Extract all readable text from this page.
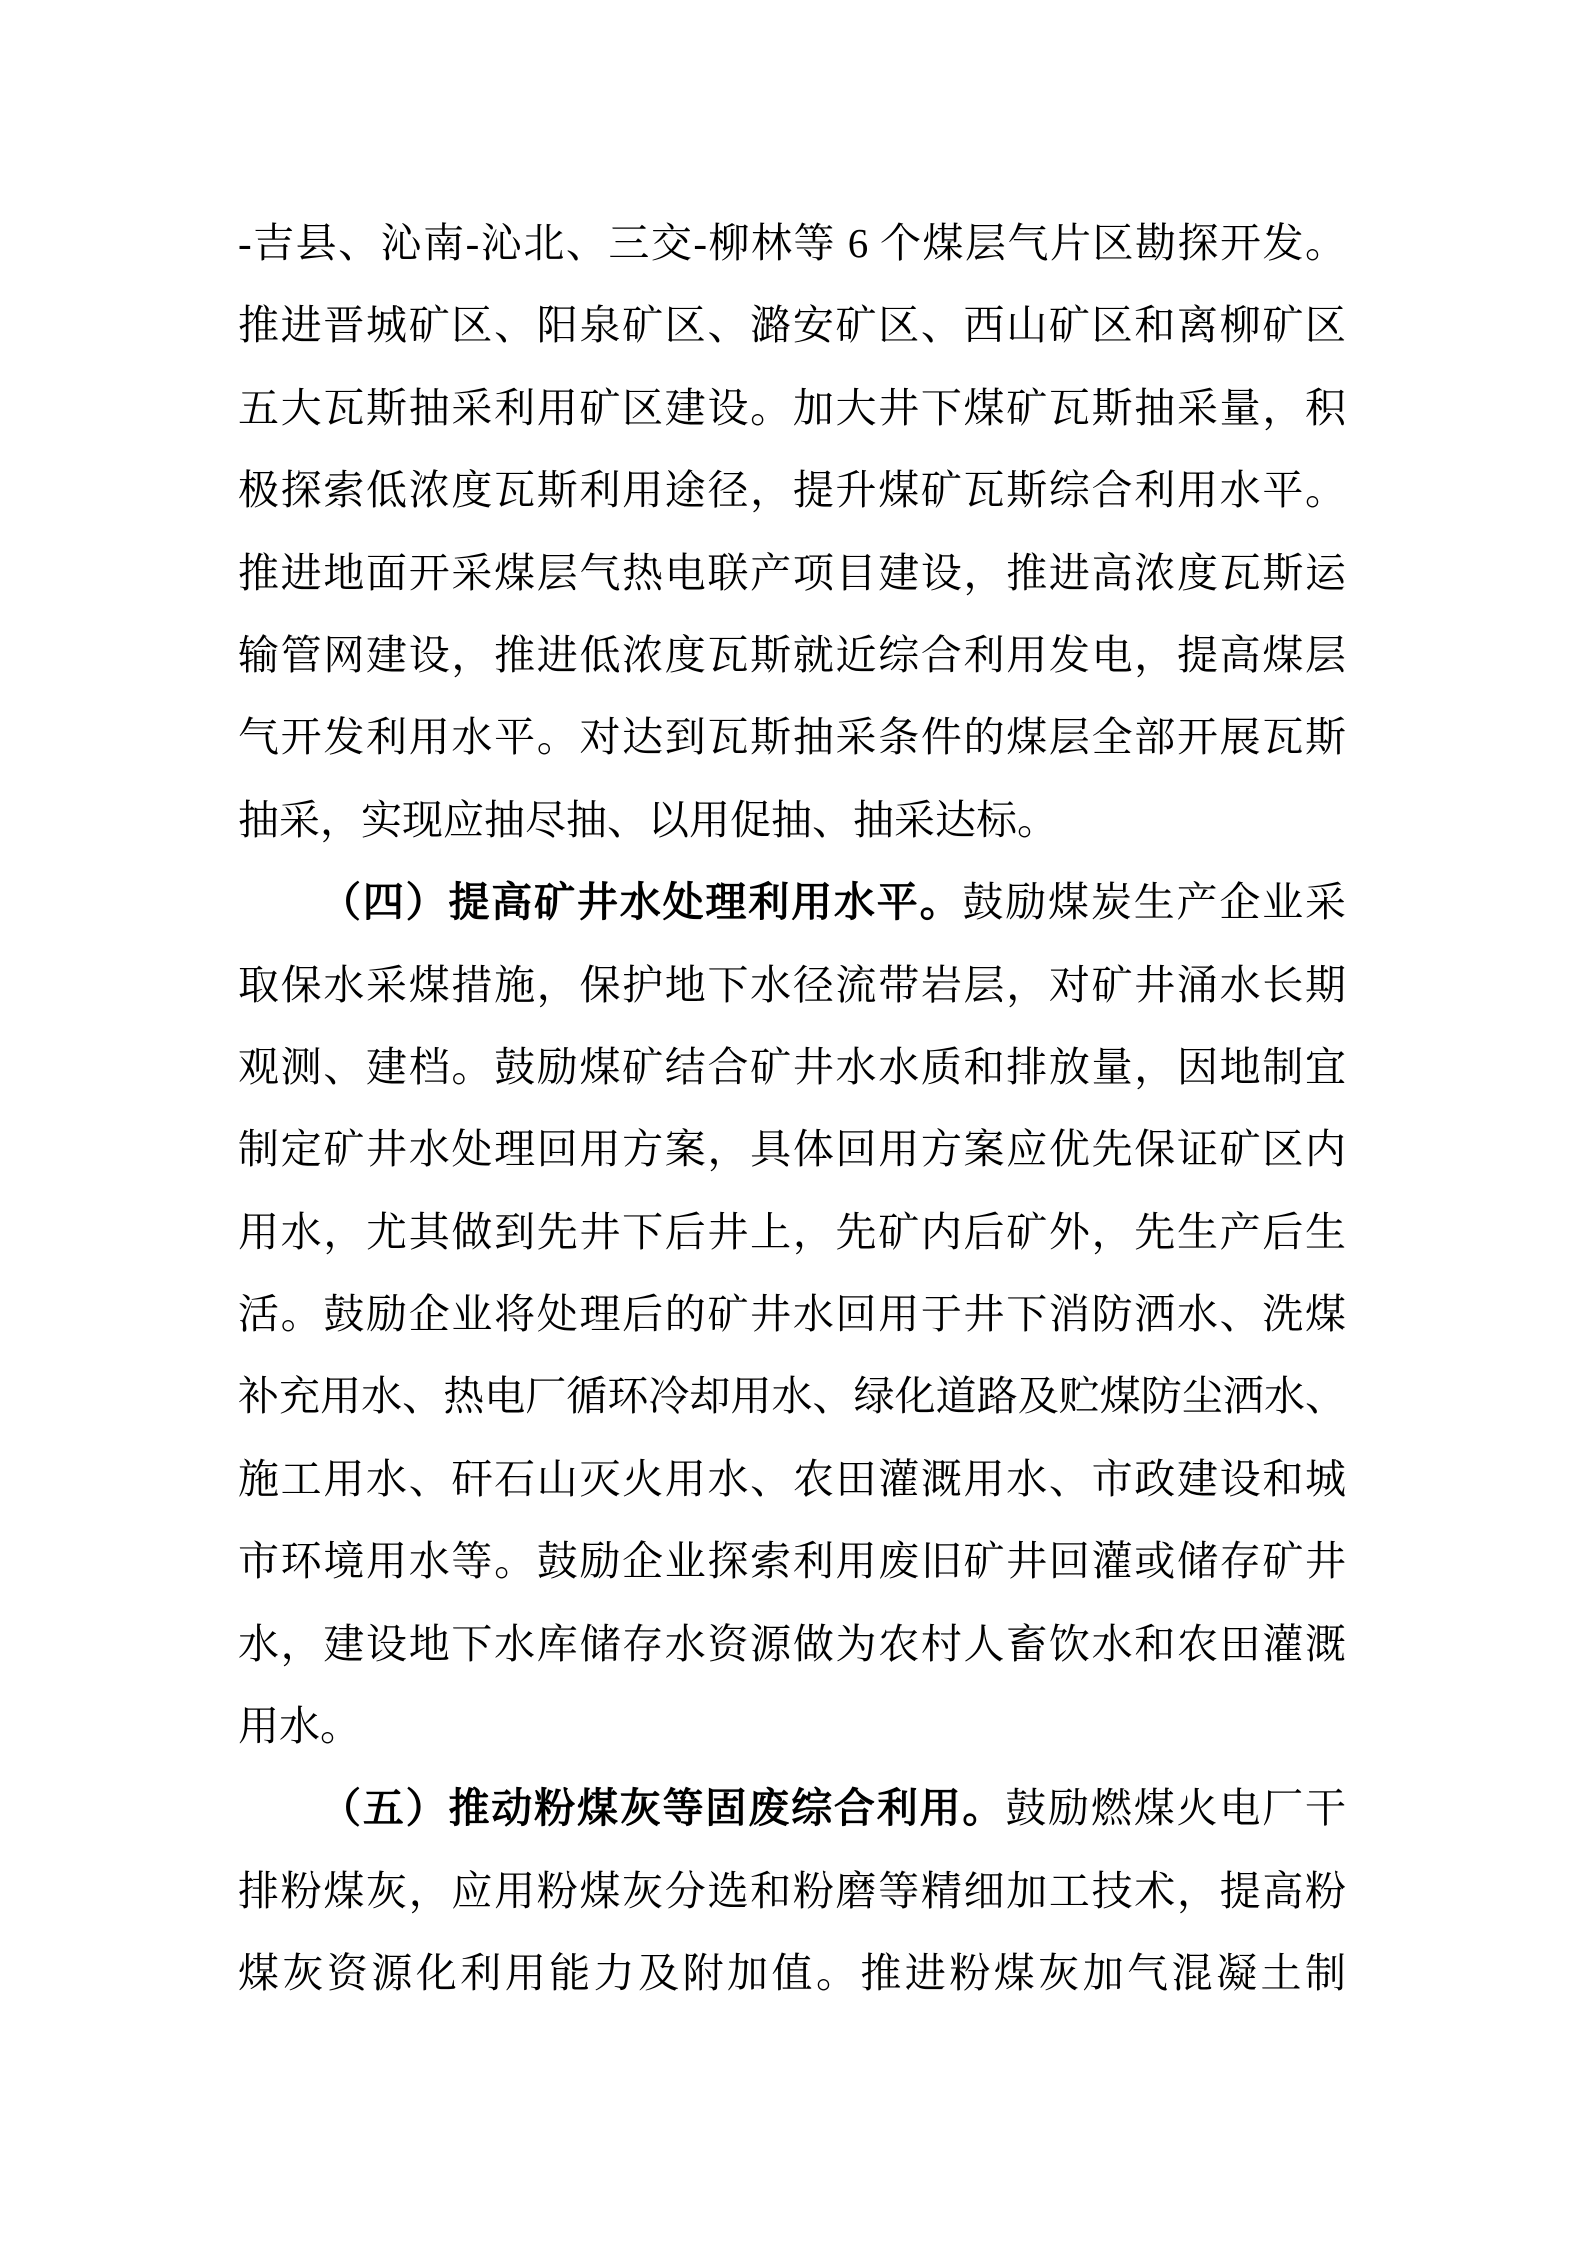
-吉县、沁南-沁北、三交-柳林等 6 个煤层气片区勘探开发。
推进晋城矿区、阳泉矿区、潞安矿区、西山矿区和离柳矿区
五大瓦斯抽采利用矿区建设。加大井下煤矿瓦斯抽采量，积
极探索低浓度瓦斯利用途径，提升煤矿瓦斯综合利用水平。
推进地面开采煤层气热电联产项目建设，推进高浓度瓦斯运
输管网建设，推进低浓度瓦斯就近综合利用发电，提高煤层
气开发利用水平。对达到瓦斯抽采条件的煤层全部开展瓦斯
抽采，实现应抽尽抽、以用促抽、抽采达标。
（四）提高矿井水处理利用水平。鼓励煤炭生产企业采
取保水采煤措施，保护地下水径流带岩层，对矿井涌水长期
观测、建档。鼓励煤矿结合矿井水水质和排放量，因地制宜
制定矿井水处理回用方案，具体回用方案应优先保证矿区内
用水，尤其做到先井下后井上，先矿内后矿外，先生产后生
活。鼓励企业将处理后的矿井水回用于井下消防洒水、洗煤
补充用水、热电厂循环冷却用水、绿化道路及贮煤防尘洒水、
施工用水、矸石山灭火用水、农田灌溉用水、市政建设和城
市环境用水等。鼓励企业探索利用废旧矿井回灌或储存矿井
水，建设地下水库储存水资源做为农村人畜饮水和农田灌溉
用水。
（五）推动粉煤灰等固废综合利用。鼓励燃煤火电厂干
排粉煤灰，应用粉煤灰分选和粉磨等精细加工技术，提高粉
煤灰资源化利用能力及附加值。推进粉煤灰加气混凝土制
